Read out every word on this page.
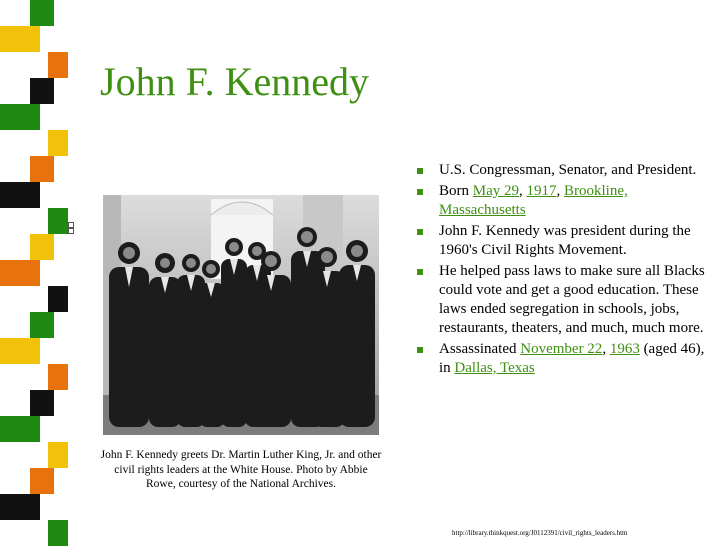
John F. Kennedy
John F. Kennedy greets Dr. Martin Luther King, Jr. and other civil rights leaders at the White House. Photo by Abbie Rowe, courtesy of the National Archives.
U.S. Congressman, Senator, and President.
Born May 29, 1917, Brookline, Massachusetts
John F. Kennedy was president during the 1960's Civil Rights Movement.
He helped pass laws to make sure all Blacks could vote and get a good education. These laws ended segregation in schools, jobs, restaurants, theaters, and much, much more.
Assassinated November 22, 1963 (aged 46), in Dallas, Texas
http://library.thinkquest.org/J0112391/civil_rights_leaders.htm
